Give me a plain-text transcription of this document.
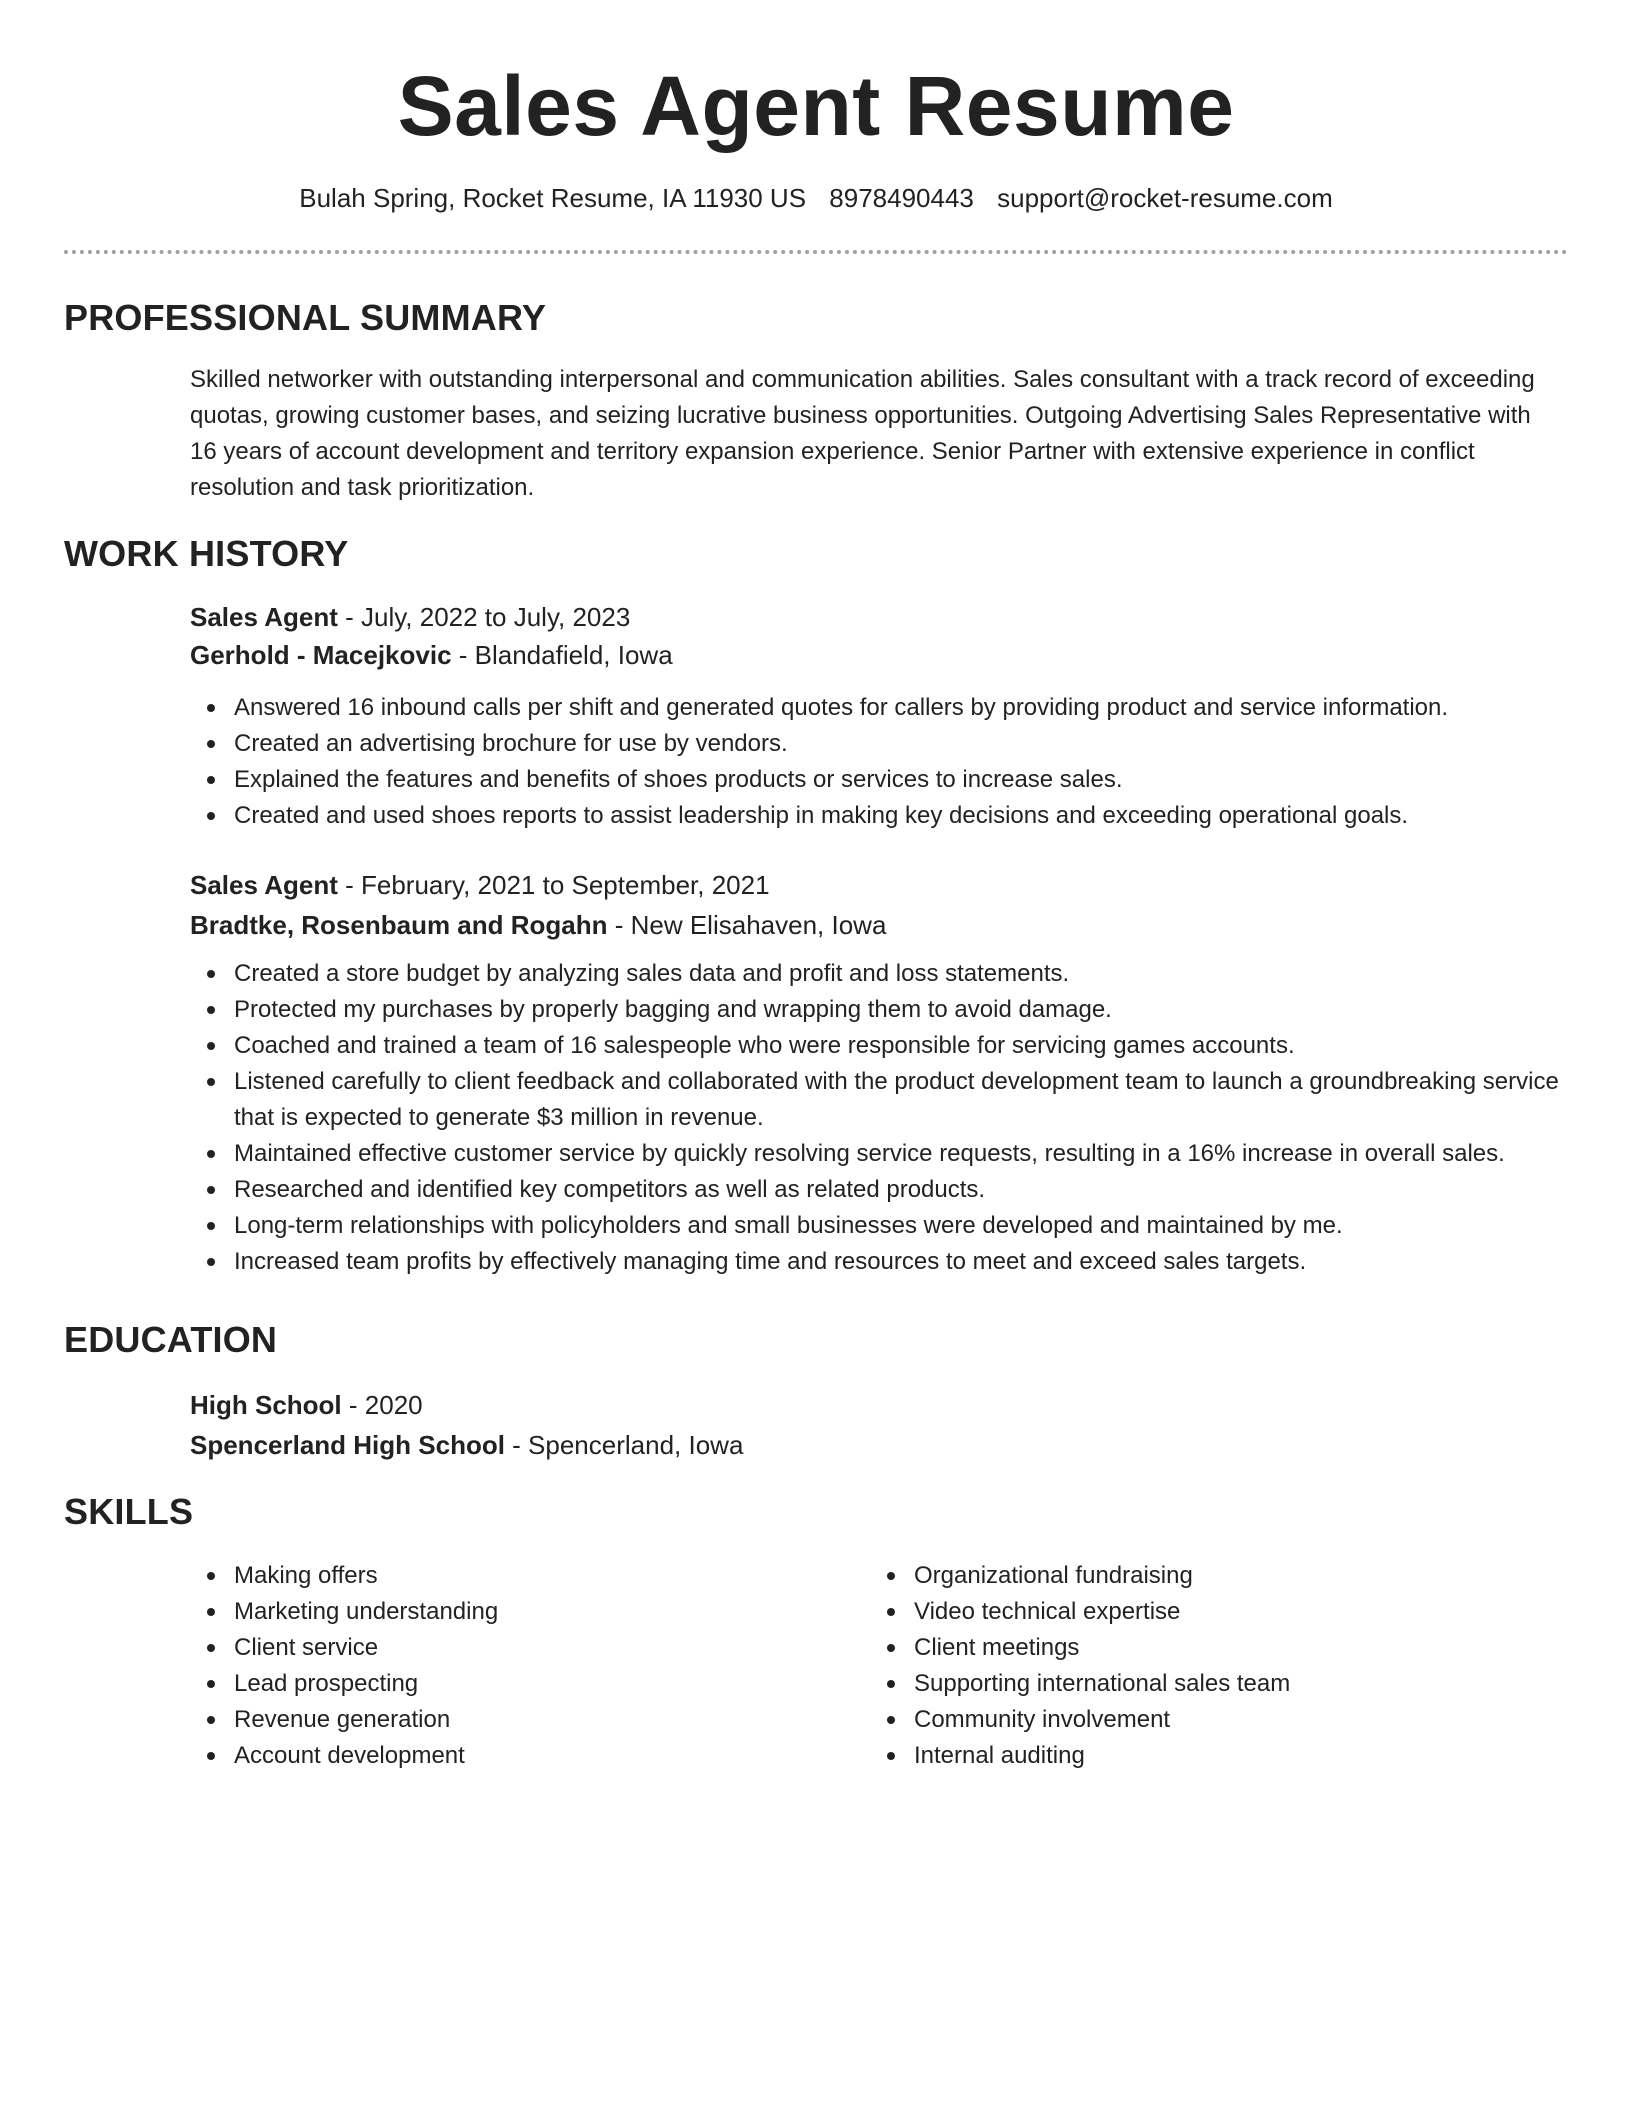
Sales Agent Resume
Bulah Spring, Rocket Resume, IA 11930 US 8978490443 support@rocket-resume.com
PROFESSIONAL SUMMARY

Skilled networker with outstanding interpersonal and communication abilities. Sales consultant with a track record of exceeding quotas, growing customer bases, and seizing lucrative business opportunities. Outgoing Advertising Sales Representative with 16 years of account development and territory expansion experience. Senior Partner with extensive experience in conflict resolution and task prioritization.

WORK HISTORY
Sales Agent - July, 2022 to July, 2023
Gerhold - Macejkovic - Blandafield, Iowa
Answered 16 inbound calls per shift and generated quotes for callers by providing product and service information.
Created an advertising brochure for use by vendors.
Explained the features and benefits of shoes products or services to increase sales.
Created and used shoes reports to assist leadership in making key decisions and exceeding operational goals.
Sales Agent - February, 2021 to September, 2021
Bradtke, Rosenbaum and Rogahn - New Elisahaven, Iowa
Created a store budget by analyzing sales data and profit and loss statements.
Protected my purchases by properly bagging and wrapping them to avoid damage.
Coached and trained a team of 16 salespeople who were responsible for servicing games accounts.
Listened carefully to client feedback and collaborated with the product development team to launch a groundbreaking service that is expected to generate $3 million in revenue.
Maintained effective customer service by quickly resolving service requests, resulting in a 16% increase in overall sales.
Researched and identified key competitors as well as related products.
Long-term relationships with policyholders and small businesses were developed and maintained by me.
Increased team profits by effectively managing time and resources to meet and exceed sales targets.
EDUCATION
High School - 2020
Spencerland High School - Spencerland, Iowa
SKILLS
Making offers
Marketing understanding
Client service
Lead prospecting
Revenue generation
Account development
Organizational fundraising
Video technical expertise
Client meetings
Supporting international sales team
Community involvement
Internal auditing
